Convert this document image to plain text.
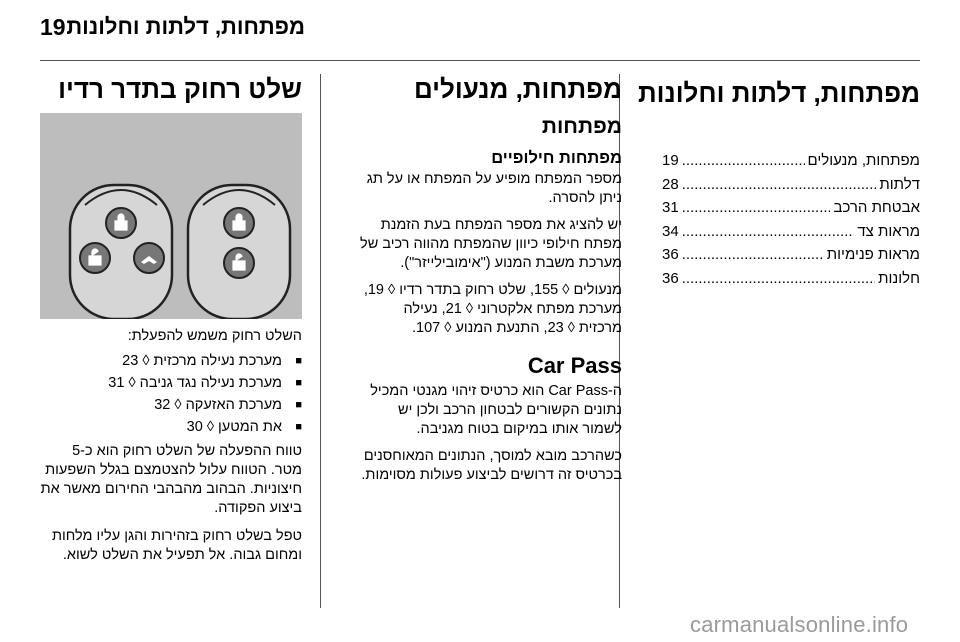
19 מפתחות, דלתות וחלונות
מפתחות, דלתות וחלונות
מפתחות, מנעולים
.....
19
דלתות
.....
28
אבטחת הרכב
.....
31
מראות צד
.....
34
מראות פנימיות
.....
36
חלונות
.....
36
מפתחות, מנעולים
מפתחות
מפתחות חילופיים

מספר המפתח מופיע על המפתח או על תג ניתן להסרה.

יש להציג את מספר המפתח בעת הזמנת מפתח חילופי כיוון שהמפתח מהווה רכיב של מערכת משבת המנוע ("אימובילייזר").

מנעולים ◊ 155, שלט רחוק בתדר רדיו ◊ 19, מערכת מפתח אלקטרוני ◊ 21, נעילה מרכזית ◊ 23, התנעת המנוע ◊ 107.

Car Pass

ה-Car Pass הוא כרטיס זיהוי מגנטי המכיל נתונים הקשורים לבטחון הרכב ולכן יש לשמור אותו במיקום בטוח מגניבה.

כשהרכב מובא למוסך, הנתונים המאוחסנים בכרטיס זה דרושים לביצוע פעולות מסוימות.

שלט רחוק בתדר רדיו

השלט רחוק משמש להפעלת:

■ מערכת נעילה מרכזית ◊ 23
■ מערכת נעילה נגד גניבה ◊ 31
■ מערכת האזעקה ◊ 32
■ את המטען ◊ 30

טווח ההפעלה של השלט רחוק הוא כ-5 מטר. הטווח עלול להצטמצם בגלל השפעות חיצוניות. הבהוב מהבהבי החירום מאשר את ביצוע הפקודה.

טפל בשלט רחוק בזהירות והגן עליו מלחות ומחום גבוה. אל תפעיל את השלט לשוא.

carmanualsonline.info
